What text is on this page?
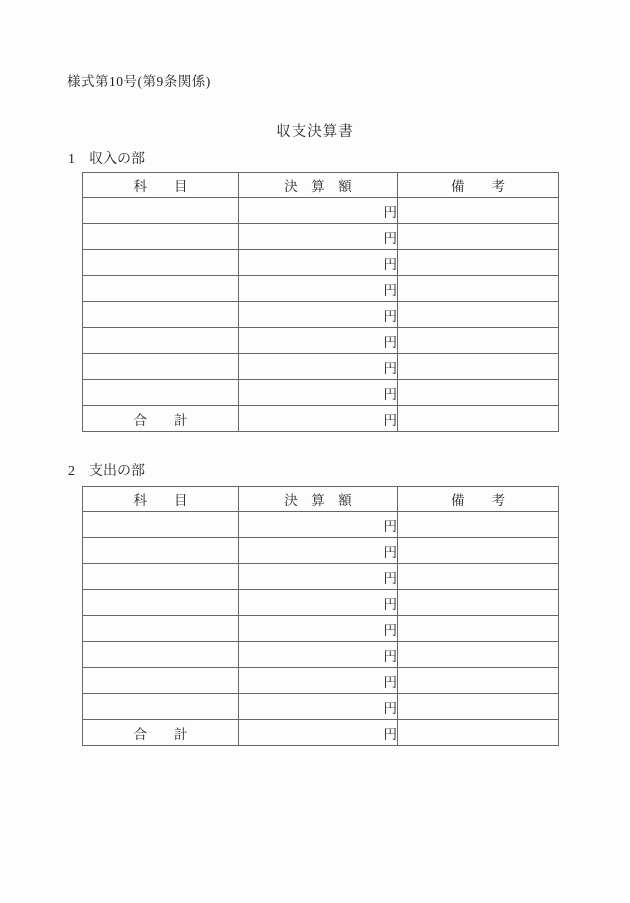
様式第10号(第9条関係)
収支決算書
1　収入の部
科　　目	決　算　額	備　　考
	円	
	円	
	円	
	円	
	円	
	円	
	円	
	円	
合　　計	円	
2　支出の部
科　　目	決　算　額	備　　考
	円	
	円	
	円	
	円	
	円	
	円	
	円	
	円	
合　　計	円	
